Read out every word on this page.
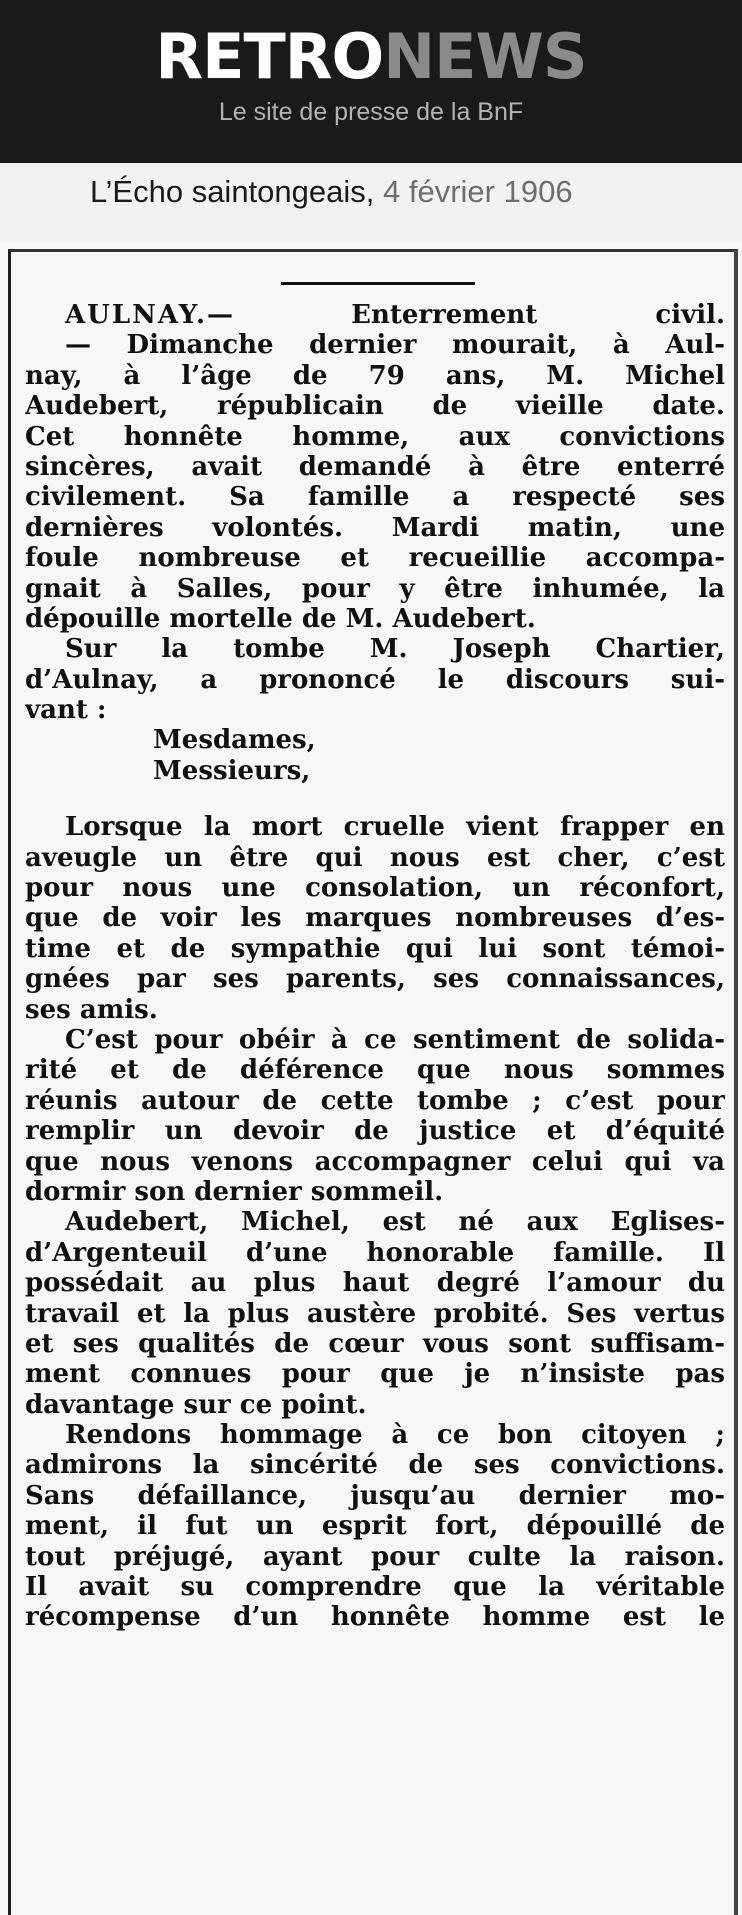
RETRONEWS
Le site de presse de la BnF
L’Écho saintongeais, 4 février 1906
AULNAY.— Enterrement civil.
— Dimanche dernier mourait, à Aul-
nay, à l’âge de 79 ans, M. Michel
Audebert, républicain de vieille date.
Cet honnête homme, aux convictions
sincères, avait demandé à être enterré
civilement. Sa famille a respecté ses
dernières volontés. Mardi matin, une
foule nombreuse et recueillie accompa-
gnait à Salles, pour y être inhumée, la
dépouille mortelle de M. Audebert.
Sur la tombe M. Joseph Chartier,
d’Aulnay, a prononcé le discours sui-
vant :
Mesdames,
Messieurs,
Lorsque la mort cruelle vient frapper en
aveugle un être qui nous est cher, c’est
pour nous une consolation, un réconfort,
que de voir les marques nombreuses d’es-
time et de sympathie qui lui sont témoi-
gnées par ses parents, ses connaissances,
ses amis.
C’est pour obéir à ce sentiment de solida-
rité et de déférence que nous sommes
réunis autour de cette tombe ; c’est pour
remplir un devoir de justice et d’équité
que nous venons accompagner celui qui va
dormir son dernier sommeil.
Audebert, Michel, est né aux Eglises-
d’Argenteuil d’une honorable famille. Il
possédait au plus haut degré l’amour du
travail et la plus austère probité. Ses vertus
et ses qualités de cœur vous sont suffisam-
ment connues pour que je n’insiste pas
davantage sur ce point.
Rendons hommage à ce bon citoyen ;
admirons la sincérité de ses convictions.
Sans défaillance, jusqu’au dernier mo-
ment, il fut un esprit fort, dépouillé de
tout préjugé, ayant pour culte la raison.
Il avait su comprendre que la véritable
récompense d’un honnête homme est le
